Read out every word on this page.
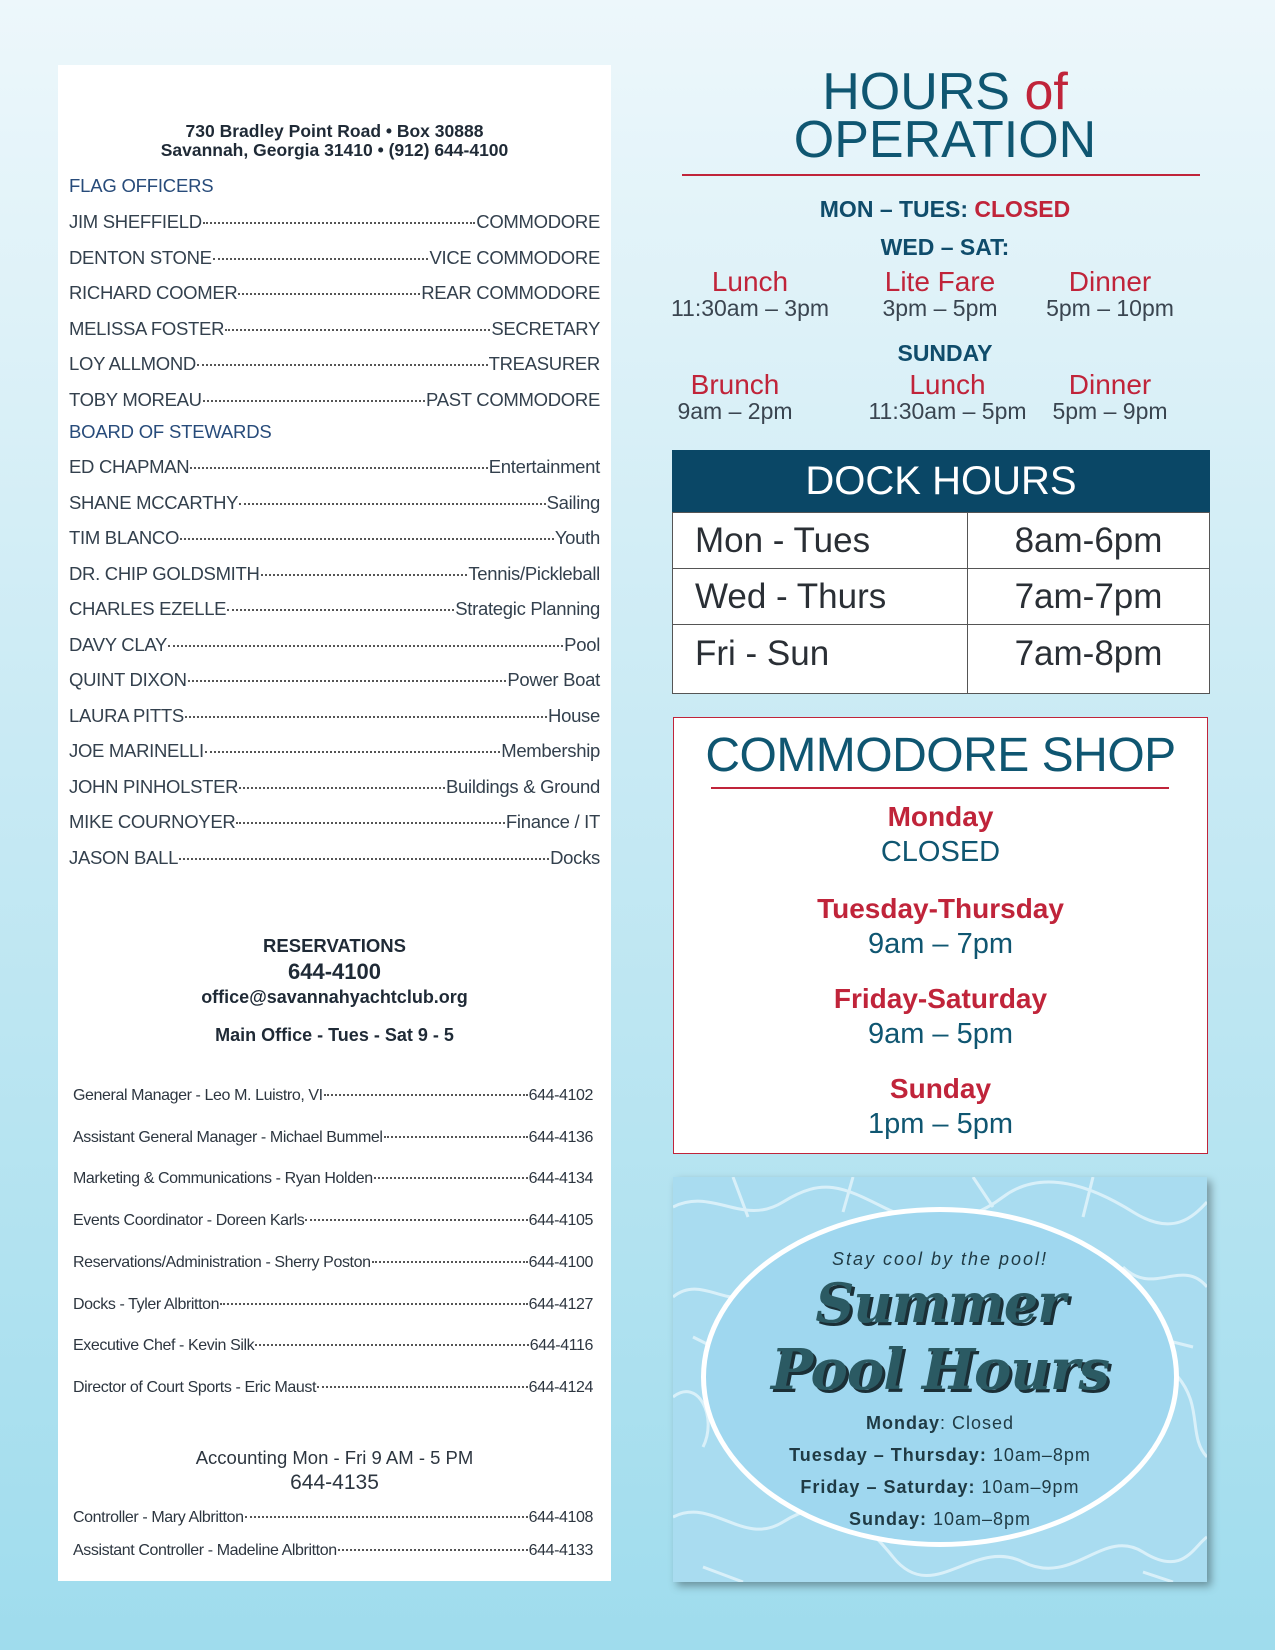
730 Bradley Point Road • Box 30888
Savannah, Georgia 31410 • (912) 644-4100
FLAG OFFICERS
JIM SHEFFIELD	COMMODORE
DENTON STONE	VICE COMMODORE
RICHARD COOMER	REAR COMMODORE
MELISSA FOSTER	SECRETARY
LOY ALLMOND	TREASURER
TOBY MOREAU	PAST COMMODORE
BOARD OF STEWARDS
ED CHAPMAN	Entertainment
SHANE MCCARTHY	Sailing
TIM BLANCO	Youth
DR. CHIP GOLDSMITH	Tennis/Pickleball
CHARLES EZELLE	Strategic Planning
DAVY CLAY	Pool
QUINT DIXON	Power Boat
LAURA PITTS	House
JOE MARINELLI	Membership
JOHN PINHOLSTER	Buildings & Ground
MIKE COURNOYER	Finance / IT
JASON BALL	Docks
RESERVATIONS
644-4100
office@savannahyachtclub.org
Main Office - Tues - Sat 9 - 5
General Manager - Leo M. Luistro, VI	644-4102
Assistant General Manager - Michael Bummel	644-4136
Marketing & Communications - Ryan Holden	644-4134
Events Coordinator - Doreen Karls	644-4105
Reservations/Administration - Sherry Poston	644-4100
Docks - Tyler Albritton	644-4127
Executive Chef - Kevin Silk	644-4116
Director of Court Sports - Eric Maust	644-4124
Accounting Mon - Fri 9 AM - 5 PM
644-4135
Controller - Mary Albritton	644-4108
Assistant Controller - Madeline Albritton	644-4133
HOURS of
OPERATION
MON – TUES: CLOSED
WED – SAT:
Lunch
11:30am – 3pm
Lite Fare
3pm – 5pm
Dinner
5pm – 10pm
SUNDAY
Brunch
9am – 2pm
Lunch
11:30am – 5pm
Dinner
5pm – 9pm
DOCK HOURS
Mon - Tues	8am-6pm
Wed - Thurs	7am-7pm
Fri - Sun	7am-8pm
COMMODORE SHOP
Monday
CLOSED
Tuesday-Thursday
9am – 7pm
Friday-Saturday
9am – 5pm
Sunday
1pm – 5pm
Stay cool by the pool!
Summer
Pool Hours
Monday: Closed
Tuesday – Thursday: 10am–8pm
Friday – Saturday: 10am–9pm
Sunday: 10am–8pm
